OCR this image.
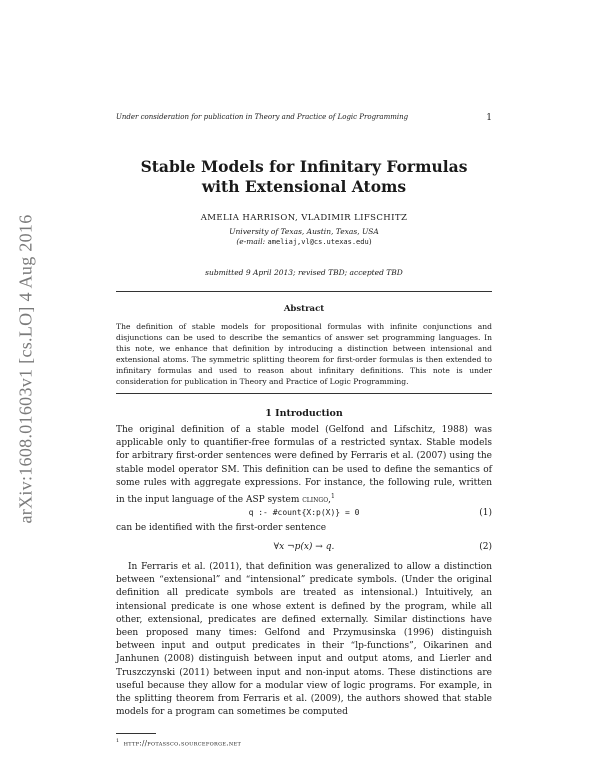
arXiv:1608.01603v1 [cs.LO] 4 Aug 2016
Under consideration for publication in Theory and Practice of Logic Programming	1
Stable Models for Infinitary Formulas
with Extensional Atoms
AMELIA HARRISON, VLADIMIR LIFSCHITZ
University of Texas, Austin, Texas, USA
(e-mail: ameliaj,vl@cs.utexas.edu)
submitted 9 April 2013; revised TBD; accepted TBD
Abstract
The definition of stable models for propositional formulas with infinite conjunctions and disjunctions can be used to describe the semantics of answer set programming languages. In this note, we enhance that definition by introducing a distinction between intensional and extensional atoms. The symmetric splitting theorem for first-order formulas is then extended to infinitary formulas and used to reason about infinitary definitions. This note is under consideration for publication in Theory and Practice of Logic Programming.
1 Introduction
The original definition of a stable model (Gelfond and Lifschitz, 1988) was applicable only to quantifier-free formulas of a restricted syntax. Stable models for arbitrary first-order sentences were defined by Ferraris et al. (2007) using the stable model operator SM. This definition can be used to define the semantics of some rules with aggregate expressions. For instance, the following rule, written in the input language of the ASP system clingo,$^1$
q :- #count{X:p(X)} = 0	(1)
can be identified with the first-order sentence
∀x ¬p(x) → q.	(2)
In Ferraris et al. (2011), that definition was generalized to allow a distinction between “extensional” and “intensional” predicate symbols. (Under the original definition all predicate symbols are treated as intensional.) Intuitively, an intensional predicate is one whose extent is defined by the program, while all other, extensional, predicates are defined externally. Similar distinctions have been proposed many times: Gelfond and Przymusinska (1996) distinguish between input and output predicates in their “lp-functions”, Oikarinen and Janhunen (2008) distinguish between input and output atoms, and Lierler and Truszczynski (2011) between input and non-input atoms. These distinctions are useful because they allow for a modular view of logic programs. For example, in the splitting theorem from Ferraris et al. (2009), the authors showed that stable models for a program can sometimes be computed
$^1$ http://potassco.sourceforge.net
